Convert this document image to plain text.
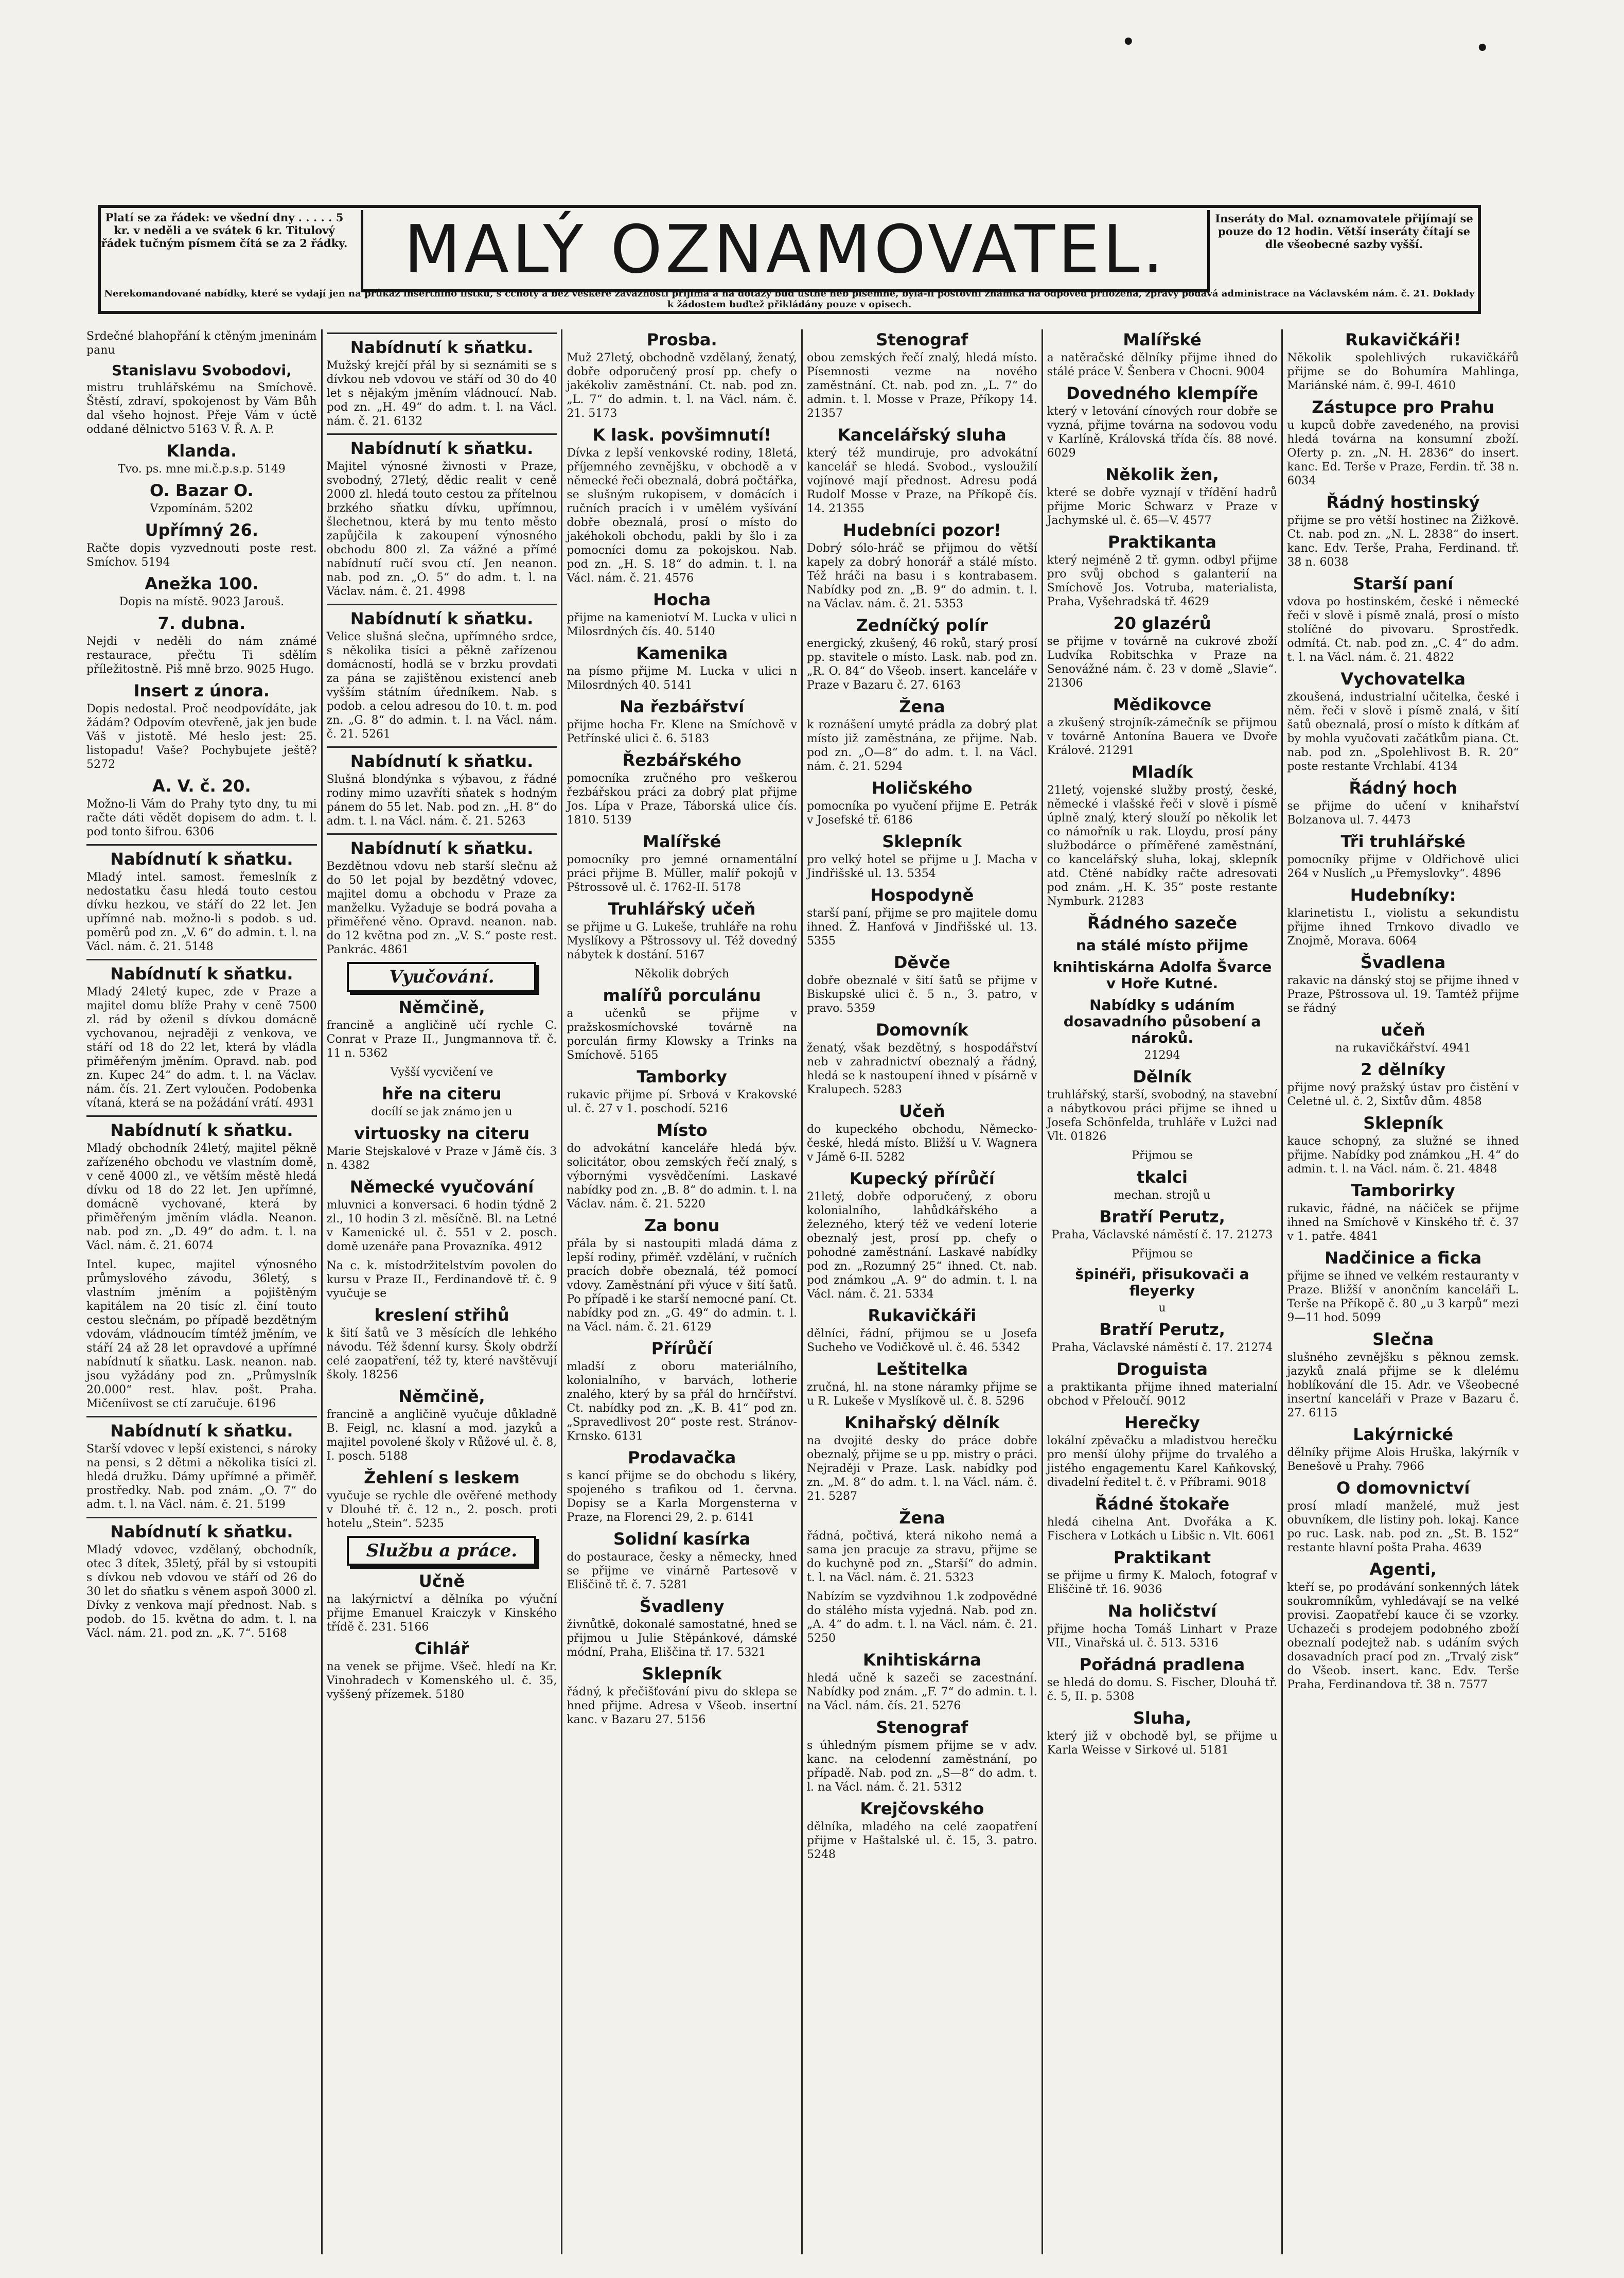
•	•
Platí se za řádek: ve všední dny . . . . . 5 kr. v neděli a ve svátek 6 kr. Titulový řádek tučným písmem čítá se za 2 řádky. MALÝ OZNAMOVATEL.	Inseráty do Mal. oznamovatele přijímají se pouze do 12 hodin. Větší inseráty čítají se dle všeobecné sazby vyšší.
Nerekomandované nabídky, které se vydají jen na průkaz insertního lístku, s cchoty a bez veškeré závaznosti přijímá a na dotazy buď ústně neb písemně, byla-li poštovní známka na odpověď přiložena, zprávy podává administrace na Václavském nám. č. 21. Doklady k žádostem buďtež přikládány pouze v opisech.

Srdečné blahopřání k ctěným jmeninám panu

Stanislavu Svobodovi,

mistru truhlářskému na Smíchově. Štěstí, zdraví, spokojenost by Vám Bůh dal všeho hojnost. Přeje Vám v úctě oddané dělnictvo 5163 V. Ř. A. P.

Klanda.

Tvo. ps. mne mi.č.p.s.p. 5149

O. Bazar O.

Vzpomínám. 5202

Upřímný 26.

Račte dopis vyzvednouti poste rest. Smíchov. 5194

Anežka 100.

Dopis na místě. 9023 Jarouš.

7. dubna.

Nejdi v neděli do nám známé restaurace, přečtu Ti sdělím příležitostně. Piš mně brzo. 9025 Hugo.

Insert z února.

Dopis nedostal. Proč neodpovídáte, jak žádám? Odpovím otevřeně, jak jen bude Váš v jistotě. Mé heslo jest: 25. listopadu! Vaše? Pochybujete ještě? 5272

A. V. č. 20.

Možno-li Vám do Prahy tyto dny, tu mi račte dáti vědět dopisem do adm. t. l. pod tonto šifrou. 6306

Nabídnutí k sňatku.

Mladý intel. samost. řemeslník z nedostatku času hledá touto cestou dívku hezkou, ve stáří do 22 let. Jen upřímné nab. možno-li s podob. s ud. poměrů pod zn. „V. 6“ do admin. t. l. na Václ. nám. č. 21. 5148

Nabídnutí k sňatku.

Mladý 24letý kupec, zde v Praze a majitel domu blíže Prahy v ceně 7500 zl. rád by oženil s dívkou domácně vychovanou, nejraději z venkova, ve stáří od 18 do 22 let, která by vládla přiměřeným jměním. Opravd. nab. pod zn. Kupec 24“ do adm. t. l. na Václav. nám. čís. 21. Zert vyloučen. Podobenka vítaná, která se na požádání vrátí. 4931

Nabídnutí k sňatku.

Mladý obchodník 24letý, majitel pěkně zařízeného obchodu ve vlastním domě, v ceně 4000 zl., ve větším městě hledá dívku od 18 do 22 let. Jen upřímné, domácně vychované, která by přiměřeným jměním vládla. Neanon. nab. pod zn. „D. 49“ do adm. t. l. na Václ. nám. č. 21. 6074

Intel. kupec, majitel výnosného průmyslového závodu, 36letý, s vlastním jměním a pojištěným kapitálem na 20 tisíc zl. činí touto cestou slečnám, po případě bezdětným vdovám, vládnoucím tímtéž jměním, ve stáří 24 až 28 let opravdové a upřímné nabídnutí k sňatku. Lask. neanon. nab. jsou vyžádány pod zn. „Průmyslník 20.000“ rest. hlav. pošt. Praha. Mičeníivost se ctí zaručuje. 6196

Nabídnutí k sňatku.

Starší vdovec v lepší existenci, s nároky na pensi, s 2 dětmi a několika tisíci zl. hledá družku. Dámy upřímné a přiměř. prostředky. Nab. pod znám. „O. 7“ do adm. t. l. na Václ. nám. č. 21. 5199

Nabídnutí k sňatku.

Mladý vdovec, vzdělaný, obchodník, otec 3 dítek, 35letý, přál by si vstoupiti s dívkou neb vdovou ve stáří od 26 do 30 let do sňatku s věnem aspoň 3000 zl. Dívky z venkova mají přednost. Nab. s podob. do 15. května do adm. t. l. na Václ. nám. 21. pod zn. „K. 7“. 5168

Nabídnutí k sňatku.

Mužský krejčí přál by si seznámiti se s dívkou neb vdovou ve stáří od 30 do 40 let s nějakým jměním vládnoucí. Nab. pod zn. „H. 49“ do adm. t. l. na Václ. nám. č. 21. 6132

Nabídnutí k sňatku.

Majitel výnosné živnosti v Praze, svobodný, 27letý, dědic realit v ceně 2000 zl. hledá touto cestou za přítelnou brzkého sňatku dívku, upřímnou, šlechetnou, která by mu tento město zapůjčila k zakoupení výnosného obchodu 800 zl. Za vážné a přímé nabídnutí ručí svou ctí. Jen neanon. nab. pod zn. „O. 5“ do adm. t. l. na Václav. nám. č. 21. 4998

Nabídnutí k sňatku.

Velice slušná slečna, upřímného srdce, s několika tisíci a pěkně zařízenou domácností, hodlá se v brzku provdati za pána se zajištěnou existencí aneb vyšším státním úředníkem. Nab. s podob. a celou adresou do 10. t. m. pod zn. „G. 8“ do admin. t. l. na Václ. nám. č. 21. 5261

Nabídnutí k sňatku.

Slušná blondýnka s výbavou, z řádné rodiny mimo uzavříti sňatek s hodným pánem do 55 let. Nab. pod zn. „H. 8“ do adm. t. l. na Václ. nám. č. 21. 5263

Nabídnutí k sňatku.

Bezdětnou vdovu neb starší slečnu až do 50 let pojal by bezdětný vdovec, majitel domu a obchodu v Praze za manželku. Vyžaduje se bodrá povaha a přiměřené věno. Opravd. neanon. nab. do 12 května pod zn. „V. S.“ poste rest. Pankrác. 4861

Vyučování.
Němčině,

francině a angličině učí rychle C. Conrat v Praze II., Jungmannova tř. č. 11 n. 5362

Vyšší vycvičení ve

hře na citeru

docílí se jak známo jen u

virtuosky na citeru

Marie Stejskalové v Praze v Jámě čís. 3 n. 4382

Německé vyučování

mluvnici a konversaci. 6 hodin týdně 2 zl., 10 hodin 3 zl. měsíčně. Bl. na Letné v Kamenické ul. č. 551 v 2. posch. domě uzenáře pana Provazníka. 4912

Na c. k. místodržitelstvím povolen do kursu v Praze II., Ferdinandově tř. č. 9 vyučuje se

kreslení střihů

k šití šatů ve 3 měsících dle lehkého návodu. Též šdenní kursy. Školy obdrží celé zaopatření, též ty, které navštěvují školy. 18256

Němčině,

francině a angličině vyučuje důkladně B. Feigl, nc. klasní a mod. jazyků a majitel povolené školy v Růžové ul. č. 8, I. posch. 5188

Žehlení s leskem

vyučuje se rychle dle ověřené methody v Dlouhé tř. č. 12 n., 2. posch. proti hotelu „Stein“. 5235

Službu a práce.
Učně

na lakýrnictví a dělníka po výuční přijme Emanuel Kraiczyk v Kinského třídě č. 231. 5166

Cihlář

na venek se přijme. Všeč. hledí na Kr. Vinohradech v Komenského ul. č. 35, vyššený přízemek. 5180

Prosba.

Muž 27letý, obchodně vzdělaný, ženatý, dobře odporučený prosí pp. chefy o jakékoliv zaměstnání. Ct. nab. pod zn. „L. 7“ do admin. t. l. na Václ. nám. č. 21. 5173

K lask. povšimnutí!

Dívka z lepší venkovské rodiny, 18letá, příjemného zevnějšku, v obchodě a v německé řeči obeznalá, dobrá počtářka, se slušným rukopisem, v domácích i ručních pracích i v umělém vyšívání dobře obeznalá, prosí o místo do jakéhokoli obchodu, pakli by šlo i za pomocníci domu za pokojskou. Nab. pod zn. „H. S. 18“ do admin. t. l. na Václ. nám. č. 21. 4576

Hocha

přijme na kameniotví M. Lucka v ulici n Milosrdných čís. 40. 5140

Kamenika

na písmo přijme M. Lucka v ulici n Milosrdných 40. 5141

Na řezbářství

přijme hocha Fr. Klene na Smíchově v Petřínské ulici č. 6. 5183

Řezbářského

pomocníka zručného pro veškerou řezbářskou práci za dobrý plat přijme Jos. Lípa v Praze, Táborská ulice čís. 1810. 5139

Malířské

pomocníky pro jemné ornamentální práci přijme B. Müller, malíř pokojů v Pštrossově ul. č. 1762-II. 5178

Truhlářský učeň

se přijme u G. Lukeše, truhláře na rohu Myslíkovy a Pštrossovy ul. Též dovedný nábytek k dostání. 5167

Několik dobrých

malířů porculánu

a učenků se přijme v pražskosmíchovské továrně na porculán firmy Klowsky a Trinks na Smíchově. 5165

Tamborky

rukavic přijme pí. Srbová v Krakovské ul. č. 27 v 1. poschodí. 5216

Místo

do advokátní kanceláře hledá býv. solicitátor, obou zemských řečí znalý, s výbornými vysvědčeními. Laskavé nabídky pod zn. „B. 8“ do admin. t. l. na Václav. nám. č. 21. 5220

Za bonu

přála by si nastoupiti mladá dáma z lepší rodiny, přiměř. vzdělání, v ručních pracích dobře obeznalá, též pomocí vdovy. Zaměstnání při výuce v šití šatů. Po případě i ke starší nemocné paní. Ct. nabídky pod zn. „G. 49“ do admin. t. l. na Václ. nám. č. 21. 6129

Přírůčí

mladší z oboru materiálního, kolonialního, v barvách, lotherie znalého, který by sa přál do hrnčířství. Ct. nabídky pod zn. „K. B. 41“ pod zn. „Spravedlivost 20“ poste rest. Stránov-Krnsko. 6131

Prodavačka

s kancí přijme se do obchodu s likéry, spojeného s trafikou od 1. června. Dopisy se a Karla Morgensterna v Praze, na Florenci 29, 2. p. 6141

Solidní kasírka

do postaurace, česky a německy, hned se přijme ve vinárně Partesově v Eliščině tř. č. 7. 5281

Švadleny

živnůtkě, dokonalé samostatné, hned se přijmou u Julie Stěpánkové, dámské módní, Praha, Eliščina tř. 17. 5321

Sklepník

řádný, k přečišťování pivu do sklepa se hned přijme. Adresa v Všeob. insertní kanc. v Bazaru 27. 5156

Stenograf

obou zemských řečí znalý, hledá místo. Písemnosti vezme na nového zaměstnání. Ct. nab. pod zn. „L. 7“ do admin. t. l. Mosse v Praze, Příkopy 14. 21357

Kancelářský sluha

který též mundiruje, pro advokátní kancelář se hledá. Svobod., vysloužilí vojínové mají přednost. Adresu podá Rudolf Mosse v Praze, na Příkopě čís. 14. 21355

Hudebníci pozor!

Dobrý sólo-hráč se přijmou do větší kapely za dobrý honorář a stálé místo. Též hráči na basu i s kontrabasem. Nabídky pod zn. „B. 9“ do admin. t. l. na Václav. nám. č. 21. 5353

Zedníčký polír

energický, zkušený, 46 roků, starý prosí pp. stavitele o místo. Lask. nab. pod zn. „R. O. 84“ do Všeob. insert. kanceláře v Praze v Bazaru č. 27. 6163

Žena

k roznášení umyté prádla za dobrý plat místo již zaměstnána, ze přijme. Nab. pod zn. „O—8“ do adm. t. l. na Václ. nám. č. 21. 5294

Holičského

pomocníka po vyučení přijme E. Petrák v Josefské tř. 6186

Sklepník

pro velký hotel se přijme u J. Macha v Jindřišské ul. 13. 5354

Hospodyně

starší paní, přijme se pro majitele domu ihned. Ž. Hanfová v Jindřišské ul. 13. 5355

Děvče

dobře obeznalé v šití šatů se přijme v Biskupské ulici č. 5 n., 3. patro, v pravo. 5359

Domovník

ženatý, však bezdětný, s hospodářství neb v zahradnictví obeznalý a řádný, hledá se k nastoupení ihned v písárně v Kralupech. 5283

Učeň

do kupeckého obchodu, Německo-české, hledá místo. Bližší u V. Wagnera v Jámě 6-II. 5282

Kupecký přírůčí

21letý, dobře odporučený, z oboru kolonialního, lahůdkářského a železného, který též ve vedení loterie obeznalý jest, prosí pp. chefy o pohodné zaměstnání. Laskavé nabídky pod zn. „Rozumný 25“ ihned. Ct. nab. pod známkou „A. 9“ do admin. t. l. na Václ. nám. č. 21. 5334

Rukavičkáři

dělníci, řádní, přijmou se u Josefa Sucheho ve Vodičkově ul. č. 46. 5342

Leštitelka

zručná, hl. na stone náramky přijme se u R. Lukeše v Myslíkově ul. č. 8. 5296

Knihařský dělník

na dvojité desky do práce dobře obeznalý, přijme se u pp. mistry o práci. Nejraději v Praze. Lask. nabídky pod zn. „M. 8“ do adm. t. l. na Václ. nám. č. 21. 5287

Žena

řádná, počtivá, která nikoho nemá a sama jen pracuje za stravu, přijme se do kuchyně pod zn. „Starší“ do admin. t. l. na Václ. nám. č. 21. 5323

Nabízím se vyzdvihnou 1.k zodpovědné do stálého místa vyjedná. Nab. pod zn. „A. 4“ do adm. t. l. na Václ. nám. č. 21. 5250

Knihtiskárna

hledá učně k sazeči se zacestnání. Nabídky pod znám. „F. 7“ do admin. t. l. na Václ. nám. čís. 21. 5276

Stenograf

s úhledným písmem přijme se v adv. kanc. na celodenní zaměstnání, po případě. Nab. pod zn. „S—8“ do adm. t. l. na Václ. nám. č. 21. 5312

Krejčovského

dělníka, mladého na celé zaopatření přijme v Haštalské ul. č. 15, 3. patro. 5248

Malířské

a natěračské dělníky přijme ihned do stálé práce V. Šenbera v Chocni. 9004

Dovedného klempíře

který v letování cínových rour dobře se vyzná, přijme továrna na sodovou vodu v Karlíně, Královská třída čís. 88 nové. 6029

Několik žen,

které se dobře vyznají v třídění hadrů přijme Moric Schwarz v Praze v Jachymské ul. č. 65—V. 4577

Praktikanta

který nejméně 2 tř. gymn. odbyl přijme pro svůj obchod s galanterií na Smíchově Jos. Votruba, materialista, Praha, Vyšehradská tř. 4629

20 glazérů

se přijme v továrně na cukrové zboží Ludvíka Robitschka v Praze na Senovážné nám. č. 23 v domě „Slavie“. 21306

Mědikovce

a zkušený strojník-zámečník se přijmou v továrně Antonína Bauera ve Dvoře Králové. 21291

Mladík

21letý, vojenské služby prostý, české, německé i vlašské řeči v slově i písmě úplně znalý, který slouží po několik let co námořník u rak. Lloydu, prosí pány službodárce o příměřené zaměstnání, co kancelářský sluha, lokaj, sklepník atd. Ctěné nabídky račte adresovati pod znám. „H. K. 35“ poste restante Nymburk. 21283

Řádného sazeče
na stálé místo přijme
knihtiskárna Adolfa Švarce v Hoře Kutné.
Nabídky s udáním dosavadního působení a nároků.

21294

Dělník

truhlářský, starší, svobodný, na stavební a nábytkovou práci přijme se ihned u Josefa Schönfelda, truhláře v Lužci nad Vlt. 01826

Přijmou se

tkalci

mechan. strojů u

Bratří Perutz,

Praha, Václavské náměstí č. 17. 21273

Přijmou se

špinéři, přisukovači a fleyerky

u

Bratří Perutz,

Praha, Václavské náměstí č. 17. 21274

Droguista

a praktikanta přijme ihned materialní obchod v Přeloučí. 9012

Herečky

lokální zpěvačku a mladistvou herečku pro menší úlohy přijme do trvalého a jistého engagementu Karel Kaňkovský, divadelní ředitel t. č. v Příbrami. 9018

Řádné štokaře

hledá cihelna Ant. Dvořáka a K. Fischera v Lotkách u Libšic n. Vlt. 6061

Praktikant

se přijme u firmy K. Maloch, fotograf v Eliščině tř. 16. 9036

Na holičství

přijme hocha Tomáš Linhart v Praze VII., Vinařská ul. č. 513. 5316

Pořádná pradlena

se hledá do domu. S. Fischer, Dlouhá tř. č. 5, II. p. 5308

Sluha,

který již v obchodě byl, se přijme u Karla Weisse v Sirkové ul. 5181

Rukavičkáři!

Několik spolehlivých rukavičkářů přijme se do Bohumíra Mahlinga, Mariánské nám. č. 99-I. 4610

Zástupce pro Prahu

u kupců dobře zavedeného, na provisi hledá továrna na konsumní zboží. Oferty p. zn. „N. H. 2836“ do insert. kanc. Ed. Terše v Praze, Ferdin. tř. 38 n. 6034

Řádný hostinský

přijme se pro větší hostinec na Žižkově. Ct. nab. pod zn. „N. L. 2838“ do insert. kanc. Edv. Terše, Praha, Ferdinand. tř. 38 n. 6038

Starší paní

vdova po hostinském, české i německé řeči v slově i písmě znalá, prosí o místo stolíčné do pivovaru. Sprostředk. odmítá. Ct. nab. pod zn. „C. 4“ do adm. t. l. na Václ. nám. č. 21. 4822

Vychovatelka

zkoušená, industrialní učitelka, české i něm. řeči v slově i písmě znalá, v šití šatů obeznalá, prosí o místo k dítkám ať by mohla vyučovati začátkům piana. Ct. nab. pod zn. „Spolehlivost B. R. 20“ poste restante Vrchlabí. 4134

Řádný hoch

se přijme do učení v knihařství Bolzanova ul. 7. 4473

Tři truhlářské

pomocníky přijme v Oldřichově ulici 264 v Nuslích „u Přemyslovky“. 4896

Hudebníky:

klarinetistu I., violistu a sekundistu přijme ihned Trnkovo divadlo ve Znojmě, Morava. 6064

Švadlena

rakavic na dánský stoj se přijme ihned v Praze, Pštrossova ul. 19. Tamtéž přijme se řádný

učeň

na rukavičkářství. 4941

2 dělníky

přijme nový pražský ústav pro čistění v Celetné ul. č. 2, Sixtův dům. 4858

Sklepník

kauce schopný, za služné se ihned přijme. Nabídky pod známkou „H. 4“ do admin. t. l. na Václ. nám. č. 21. 4848

Tamborirky

rukavic, řádné, na náčiček se přijme ihned na Smíchově v Kinského tř. č. 37 v 1. patře. 4841

Nadčinice a ficka

přijme se ihned ve velkém restauranty v Praze. Bližší v anončním kanceláři L. Terše na Příkopě č. 80 „u 3 karpů“ mezi 9—11 hod. 5099

Slečna

slušného zevnějšku s pěknou zemsk. jazyků znalá přijme se k dlelému hoblíkování dle 15. Adr. ve Všeobecné insertní kanceláři v Praze v Bazaru č. 27. 6115

Lakýrnické

dělníky přijme Alois Hruška, lakýrník v Benešově u Prahy. 7966

O domovnictví

prosí mladí manželé, muž jest obuvníkem, dle listiny poh. lokaj. Kance po ruc. Lask. nab. pod zn. „St. B. 152“ restante hlavní pošta Praha. 4639

Agenti,

kteří se, po prodávání sonkenných látek soukromníkům, vyhledávají se na velké provisi. Zaopatřebí kauce či se vzorky. Uchazeči s prodejem podobného zboží obeznalí podejtež nab. s udáním svých dosavadních prací pod zn. „Trvalý zisk“ do Všeob. insert. kanc. Edv. Terše Praha, Ferdinandova tř. 38 n. 7577
